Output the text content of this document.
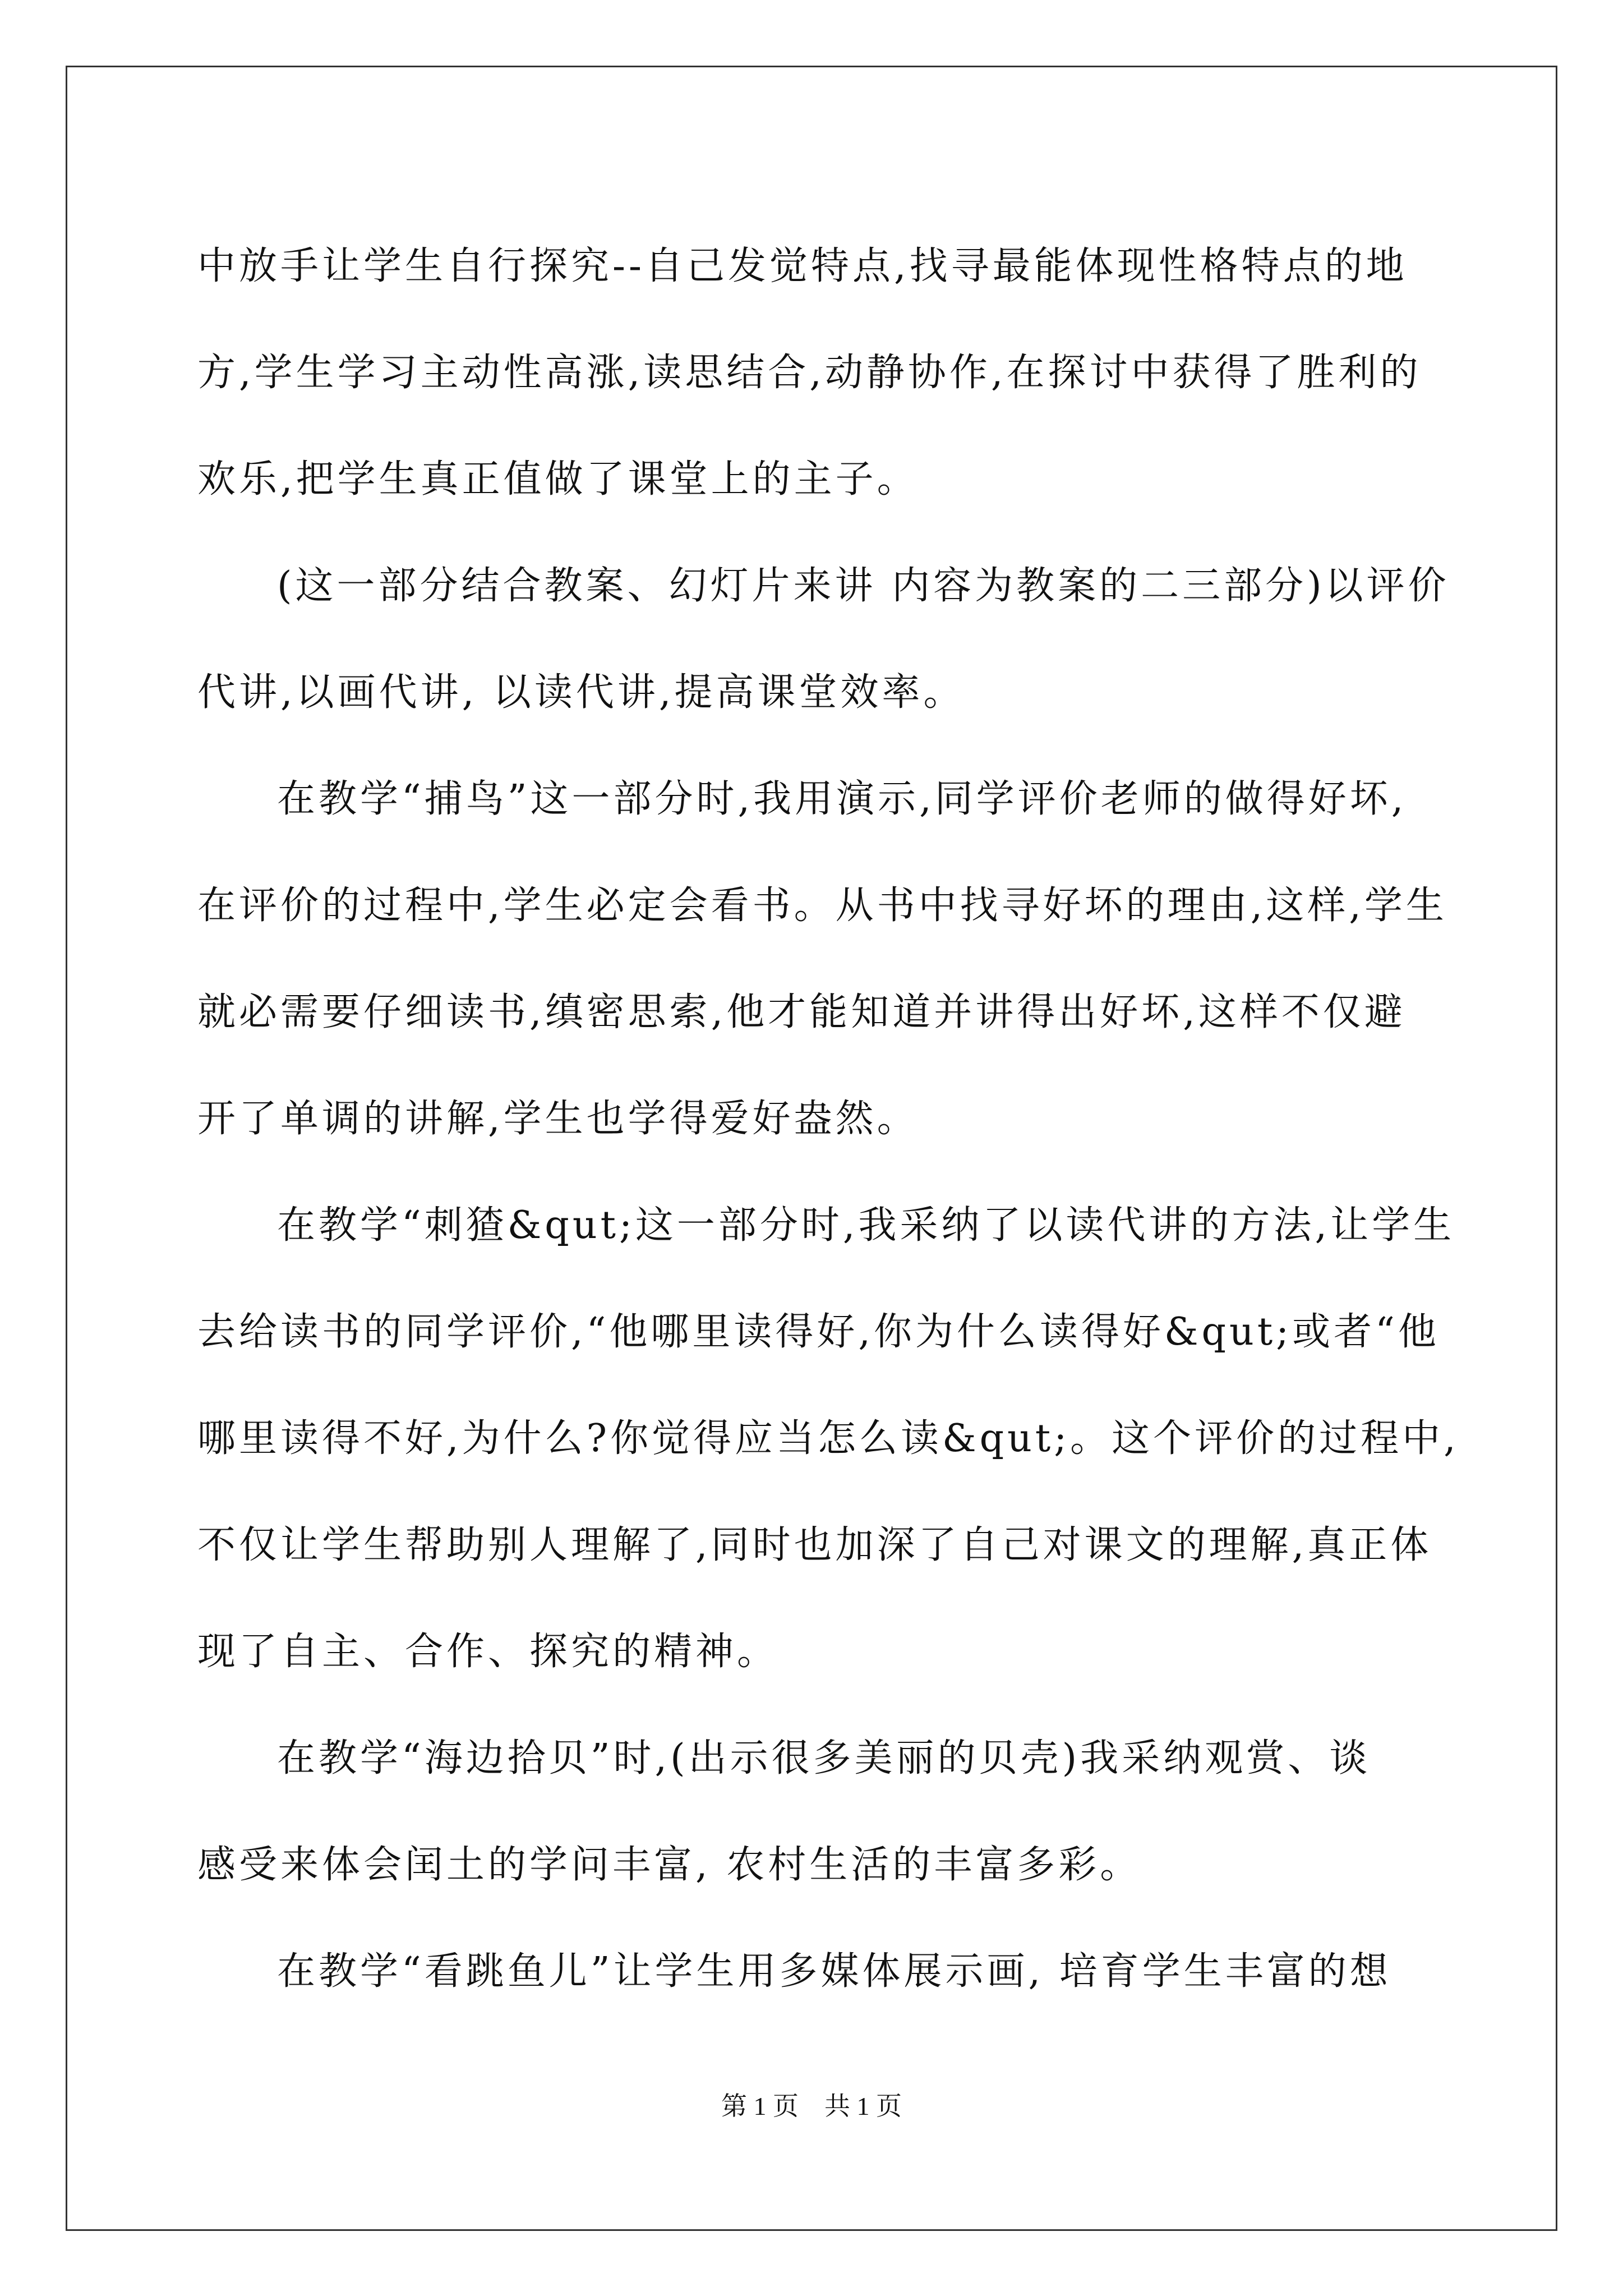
中放手让学生自行探究--自己发觉特点,找寻最能体现性格特点的地
方,学生学习主动性高涨,读思结合,动静协作,在探讨中获得了胜利的
欢乐,把学生真正值做了课堂上的主子。
(这一部分结合教案、幻灯片来讲 内容为教案的二三部分)以评价
代讲,以画代讲, 以读代讲,提高课堂效率。
在教学“捕鸟”这一部分时,我用演示,同学评价老师的做得好坏,
在评价的过程中,学生必定会看书。从书中找寻好坏的理由,这样,学生
就必需要仔细读书,缜密思索,他才能知道并讲得出好坏,这样不仅避
开了单调的讲解,学生也学得爱好盎然。
在教学“刺猹&qut;这一部分时,我采纳了以读代讲的方法,让学生
去给读书的同学评价,“他哪里读得好,你为什么读得好&qut;或者“他
哪里读得不好,为什么?你觉得应当怎么读&qut;。这个评价的过程中,
不仅让学生帮助别人理解了,同时也加深了自己对课文的理解,真正体
现了自主、合作、探究的精神。
在教学“海边拾贝”时,(出示很多美丽的贝壳)我采纳观赏、谈
感受来体会闰土的学问丰富, 农村生活的丰富多彩。
在教学“看跳鱼儿”让学生用多媒体展示画, 培育学生丰富的想
第 1 页    共 1 页
